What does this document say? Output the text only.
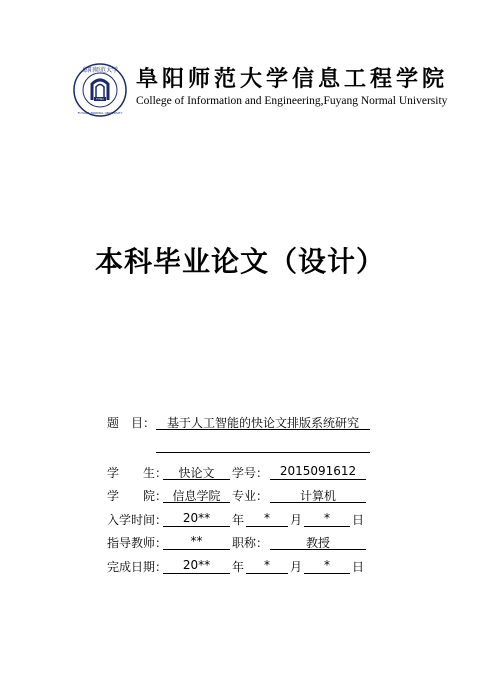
阜阳师范大学
FYNU
FUYANG NORMAL UNIVERSITY
阜阳师范大学信息工程学院
College of Information and Engineering,Fuyang Normal University
本科毕业论文（设计）
题　目： 基于人工智能的快论文排版系统研究
学　　生： 快论文	学号： 2015091612
学　　院： 信息学院 专业：	计算机
入学时间：	20**	年	*	月	*	日
指导教师：	**	职称：	教授
完成日期：	20**	年	*	月	*	日
